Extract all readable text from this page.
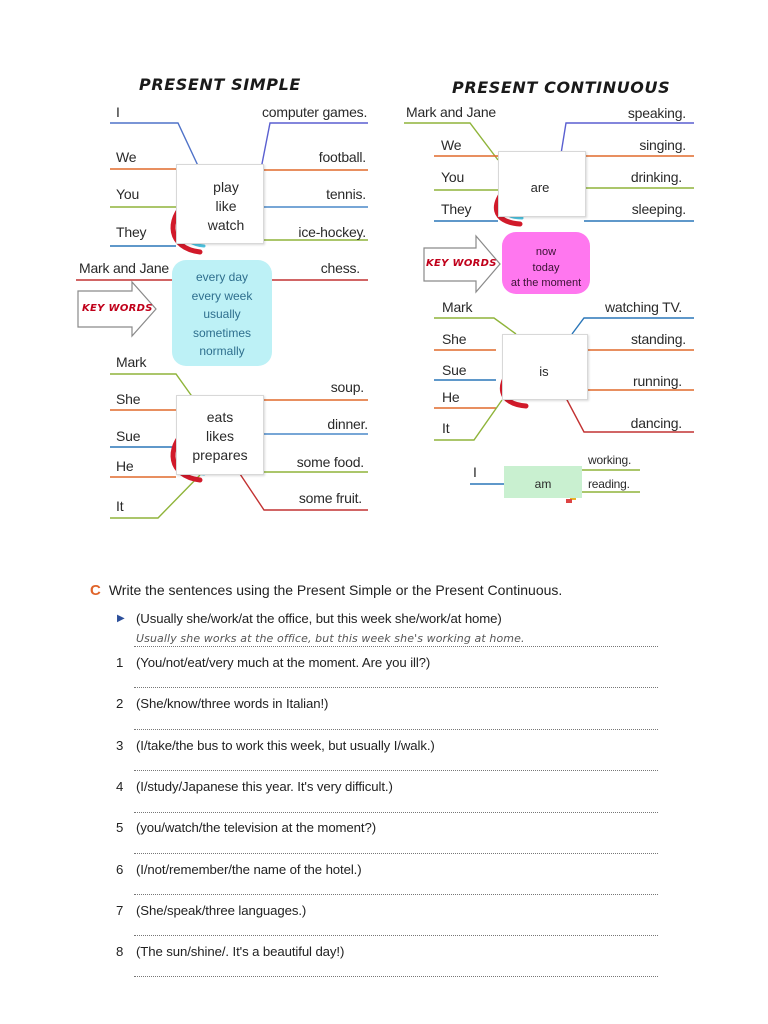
PRESENT SIMPLE
I
We
You
They
Mark and Jane
play
like
watch
computer games.
football.
tennis.
ice-hockey.
chess.
KEY WORDS
every day
every week
usually
sometimes
normally
Mark
She
Sue
He
It
eats
likes
prepares
soup.
dinner.
some food.
some fruit.
PRESENT CONTINUOUS
Mark and Jane
We
You
They
are
speaking.
singing.
drinking.
sleeping.
KEY WORDS
now
today
at the moment
Mark
She
Sue
He
It
is
watching TV.
standing.
running.
dancing.
I
am
working.
reading.
C Write the sentences using the Present Simple or the Present Continuous.
▶ (Usually she/work/at the office, but this week she/work/at home)
Usually she works at the office, but this week she's working at home.
1 (You/not/eat/very much at the moment. Are you ill?)
2 (She/know/three words in Italian!)
3 (I/take/the bus to work this week, but usually I/walk.)
4 (I/study/Japanese this year. It's very difficult.)
5 (you/watch/the television at the moment?)
6 (I/not/remember/the name of the hotel.)
7 (She/speak/three languages.)
8 (The sun/shine/. It's a beautiful day!)
